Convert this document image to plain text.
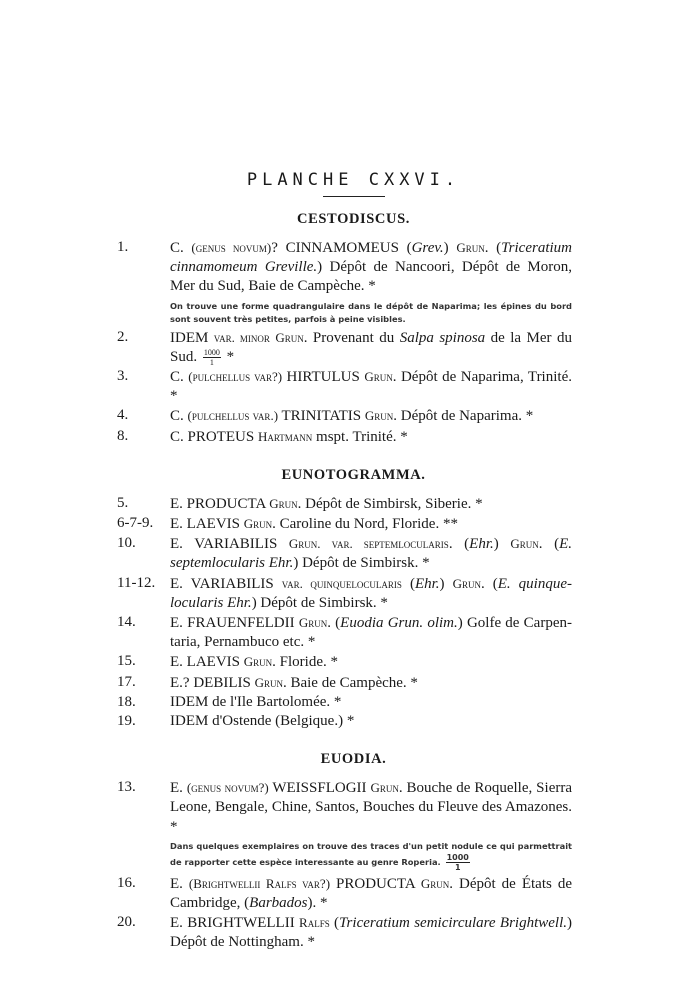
PLANCHE CXXVI.
CESTODISCUS.
1.	C. (genus novum)? CINNAMOMEUS (Grev.) Grun. (Triceratium cinnamomeum Greville.) Dépôt de Nancoori, Dépôt de Moron, Mer du Sud, Baie de Campèche. *
On trouve une forme quadrangulaire dans le dépôt de Naparima; les épines du bord sont souvent très petites, parfois à peine visibles.
2.	IDEM var. minor Grun. Provenant du Salpa spinosa de la Mer du Sud. $\frac{1000}{1}$ *
3.	C. (pulchellus var?) HIRTULUS Grun. Dépôt de Naparima, Trinité. *
4.	C. (pulchellus var.) TRINITATIS Grun. Dépôt de Naparima. *
8.	C. PROTEUS Hartmann mspt. Trinité. *
EUNOTOGRAMMA.
5.	E. PRODUCTA Grun. Dépôt de Simbirsk, Siberie. *
6-7-9.	E. LAEVIS Grun. Caroline du Nord, Floride. **
10.	E. VARIABILIS Grun. var. septemlocularis. (Ehr.) Grun. (E. septemlocularis Ehr.) Dépôt de Simbirsk. *
11-12. E. VARIABILIS var. quinquelocularis (Ehr.) Grun. (E. quinque-locularis Ehr.) Dépôt de Simbirsk. *
14.	E. FRAUENFELDII Grun. (Euodia Grun. olim.) Golfe de Carpen-taria, Pernambuco etc. *
15.	E. LAEVIS Grun. Floride. *
17.	E.? DEBILIS Grun. Baie de Campèche. *
18.	IDEM de l'Ile Bartolomée. *
19.	IDEM d'Ostende (Belgique.) *
EUODIA.
13.	E. (genus novum?) WEISSFLOGII Grun. Bouche de Roquelle, Sierra Leone, Bengale, Chine, Santos, Bouches du Fleuve des Amazones. *
Dans quelques exemplaires on trouve des traces d'un petit nodule ce qui parmettrait de rapporter cette espèce interessante au genre Roperia. $\frac{1000}{1}$
16.	E. (Brightwellii Ralfs var?) PRODUCTA Grun. Dépôt de États de Cambridge, (Barbados). *
20.	E. BRIGHTWELLII Ralfs (Triceratium semicirculare Brightwell.) Dépôt de Nottingham. *
